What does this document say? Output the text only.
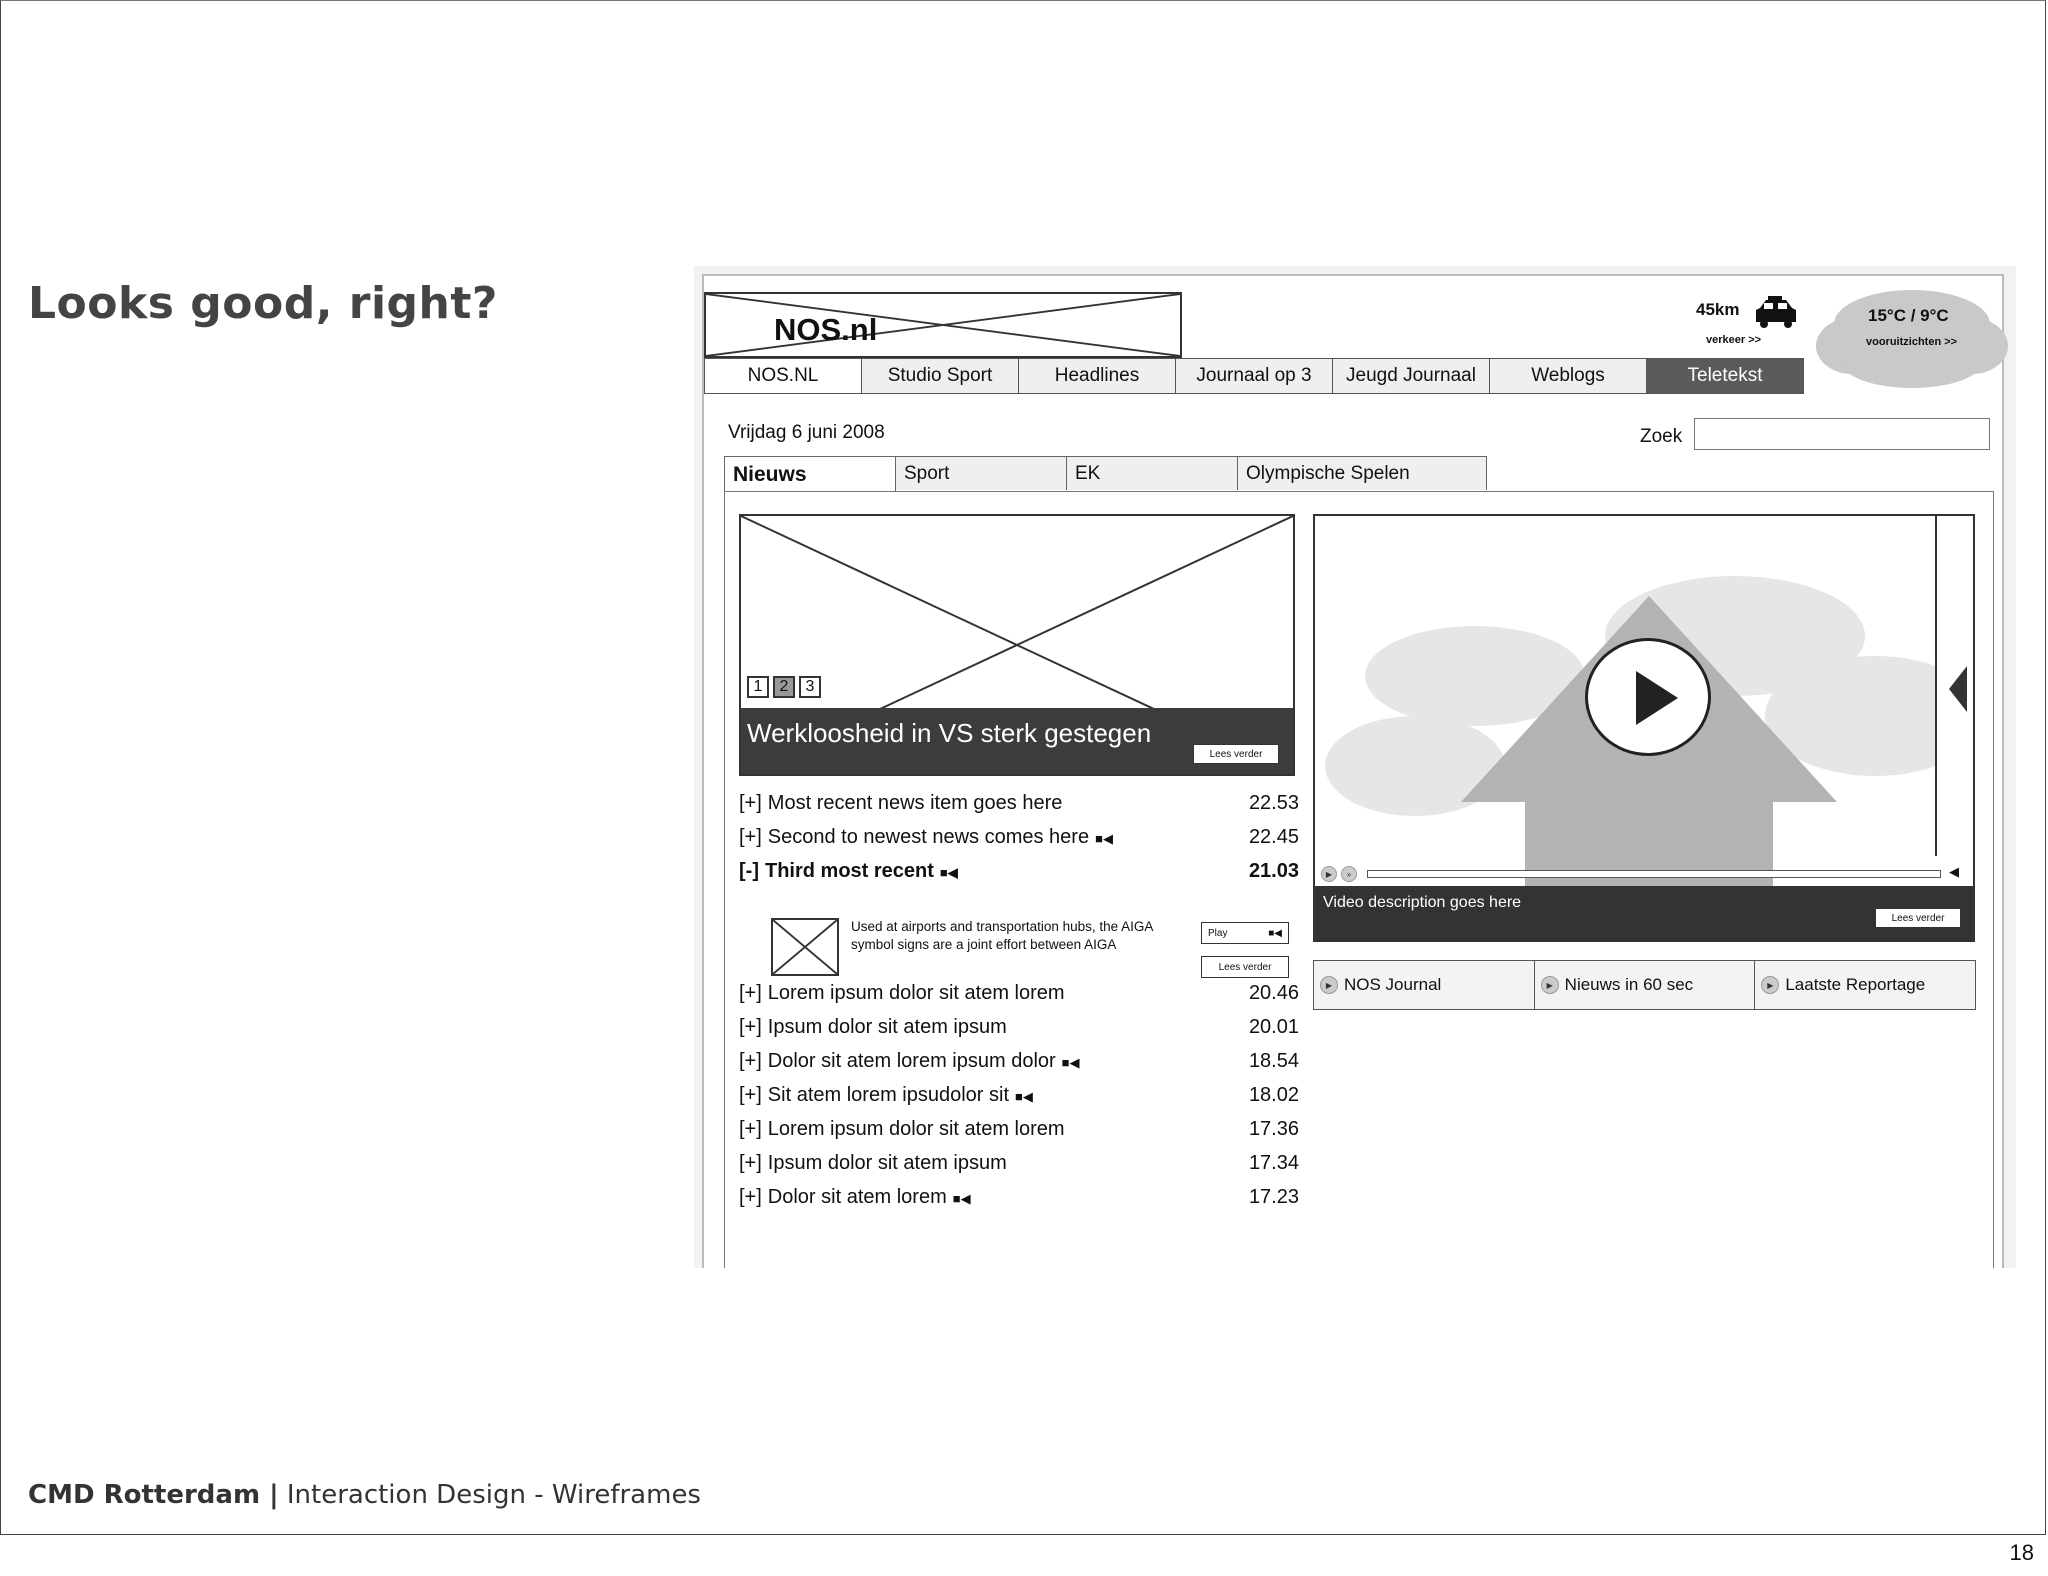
Looks good, right?
NOS.nl
45km
verkeer >>
15°C / 9°C
vooruitzichten >>
NOS.NL	Studio Sport	Headlines	Journaal op 3	Jeugd Journaal	Weblogs	Teletekst
Vrijdag 6 juni 2008	Zoek
Nieuws	Sport	EK	Olympische Spelen
1	2	3
Werkloosheid in VS sterk gestegen
Lees verder
▶	»	◀
Video description goes here
Lees verder
▶ NOS Journal	▶ Nieuws in 60 sec	▶ Laatste Reportage
[+] Most recent news item goes here	22.53
[+] Second to newest news comes here ■◀	22.45
[-] Third most recent ■◀	21.03
[+] Lorem ipsum dolor sit atem lorem	20.46
[+] Ipsum dolor sit atem ipsum	20.01
[+] Dolor sit atem lorem ipsum dolor ■◀	18.54
[+] Sit atem lorem ipsudolor sit ■◀	18.02
[+] Lorem ipsum dolor sit atem lorem	17.36
[+] Ipsum dolor sit atem ipsum	17.34
[+] Dolor sit atem lorem ■◀	17.23
Used at airports and transportation hubs, the AIGA symbol signs are a joint effort between AIGA
Play	■◀
Lees verder
CMD Rotterdam | Interaction Design - Wireframes
18
